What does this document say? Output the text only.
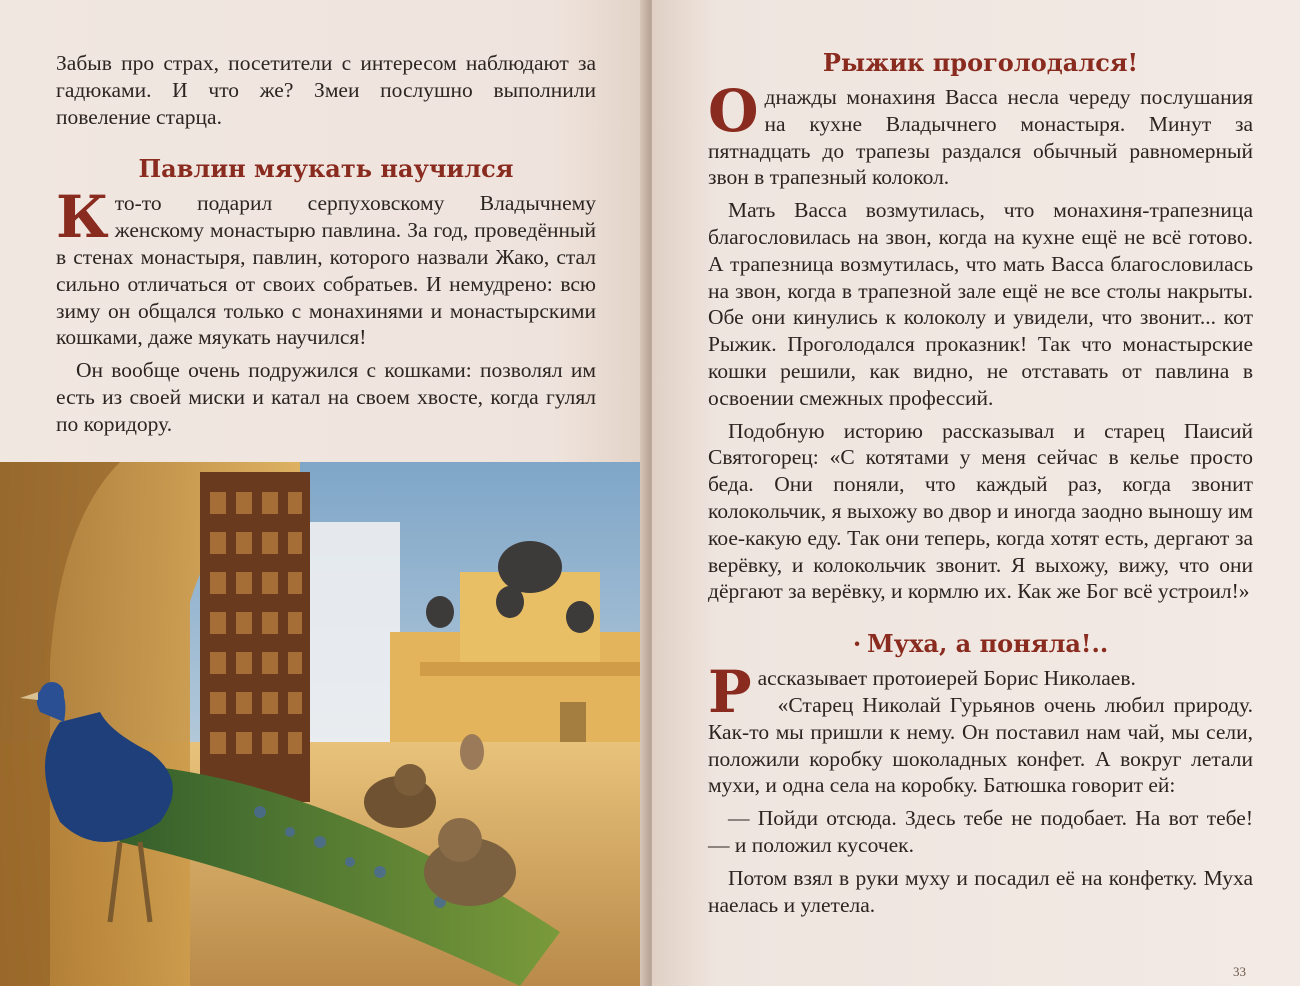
Забыв про страх, посетители с интересом наблюдают за гадюками. И что же? Змеи послушно выполнили повеление старца.

Павлин мяукать научился

Кто-то подарил серпуховскому Владычнему женскому монастырю павлина. За год, проведённый в стенах монастыря, павлин, которого назвали Жако, стал сильно отличаться от своих собратьев. И немудрено: всю зиму он общался только с монахинями и монастырскими кошками, даже мяукать научился!

Он вообще очень подружился с кошками: позволял им есть из своей миски и катал на своем хвосте, когда гулял по коридору.

Рыжик проголодался!

Однажды монахиня Васса несла череду послушания на кухне Владычнего монастыря. Минут за пятнадцать до трапезы раздался обычный равномерный звон в трапезный колокол.

Мать Васса возмутилась, что монахиня-трапезница благословилась на звон, когда на кухне ещё не всё готово. А трапезница возмутилась, что мать Васса благословилась на звон, когда в трапезной зале ещё не все столы накрыты. Обе они кинулись к колоколу и увидели, что звонит... кот Рыжик. Проголодался проказник! Так что монастырские кошки решили, как видно, не отставать от павлина в освоении смежных профессий.

Подобную историю рассказывал и старец Паисий Святогорец: «С котятами у меня сейчас в келье просто беда. Они поняли, что каждый раз, когда звонит колокольчик, я выхожу во двор и иногда заодно выношу им кое-какую еду. Так они теперь, когда хотят есть, дергают за верёвку, и колокольчик звонит. Я выхожу, вижу, что они дёргают за верёвку, и кормлю их. Как же Бог всё устроил!»

· Муха, а поняла!..

Рассказывает протоиерей Борис Николаев.

«Старец Николай Гурьянов очень любил природу. Как-то мы пришли к нему. Он поставил нам чай, мы сели, положили коробку шоколадных конфет. А вокруг летали мухи, и одна села на коробку. Батюшка говорит ей:

— Пойди отсюда. Здесь тебе не подобает. На вот тебе! — и положил кусочек.

Потом взял в руки муху и посадил её на конфетку. Муха наелась и улетела.

33
